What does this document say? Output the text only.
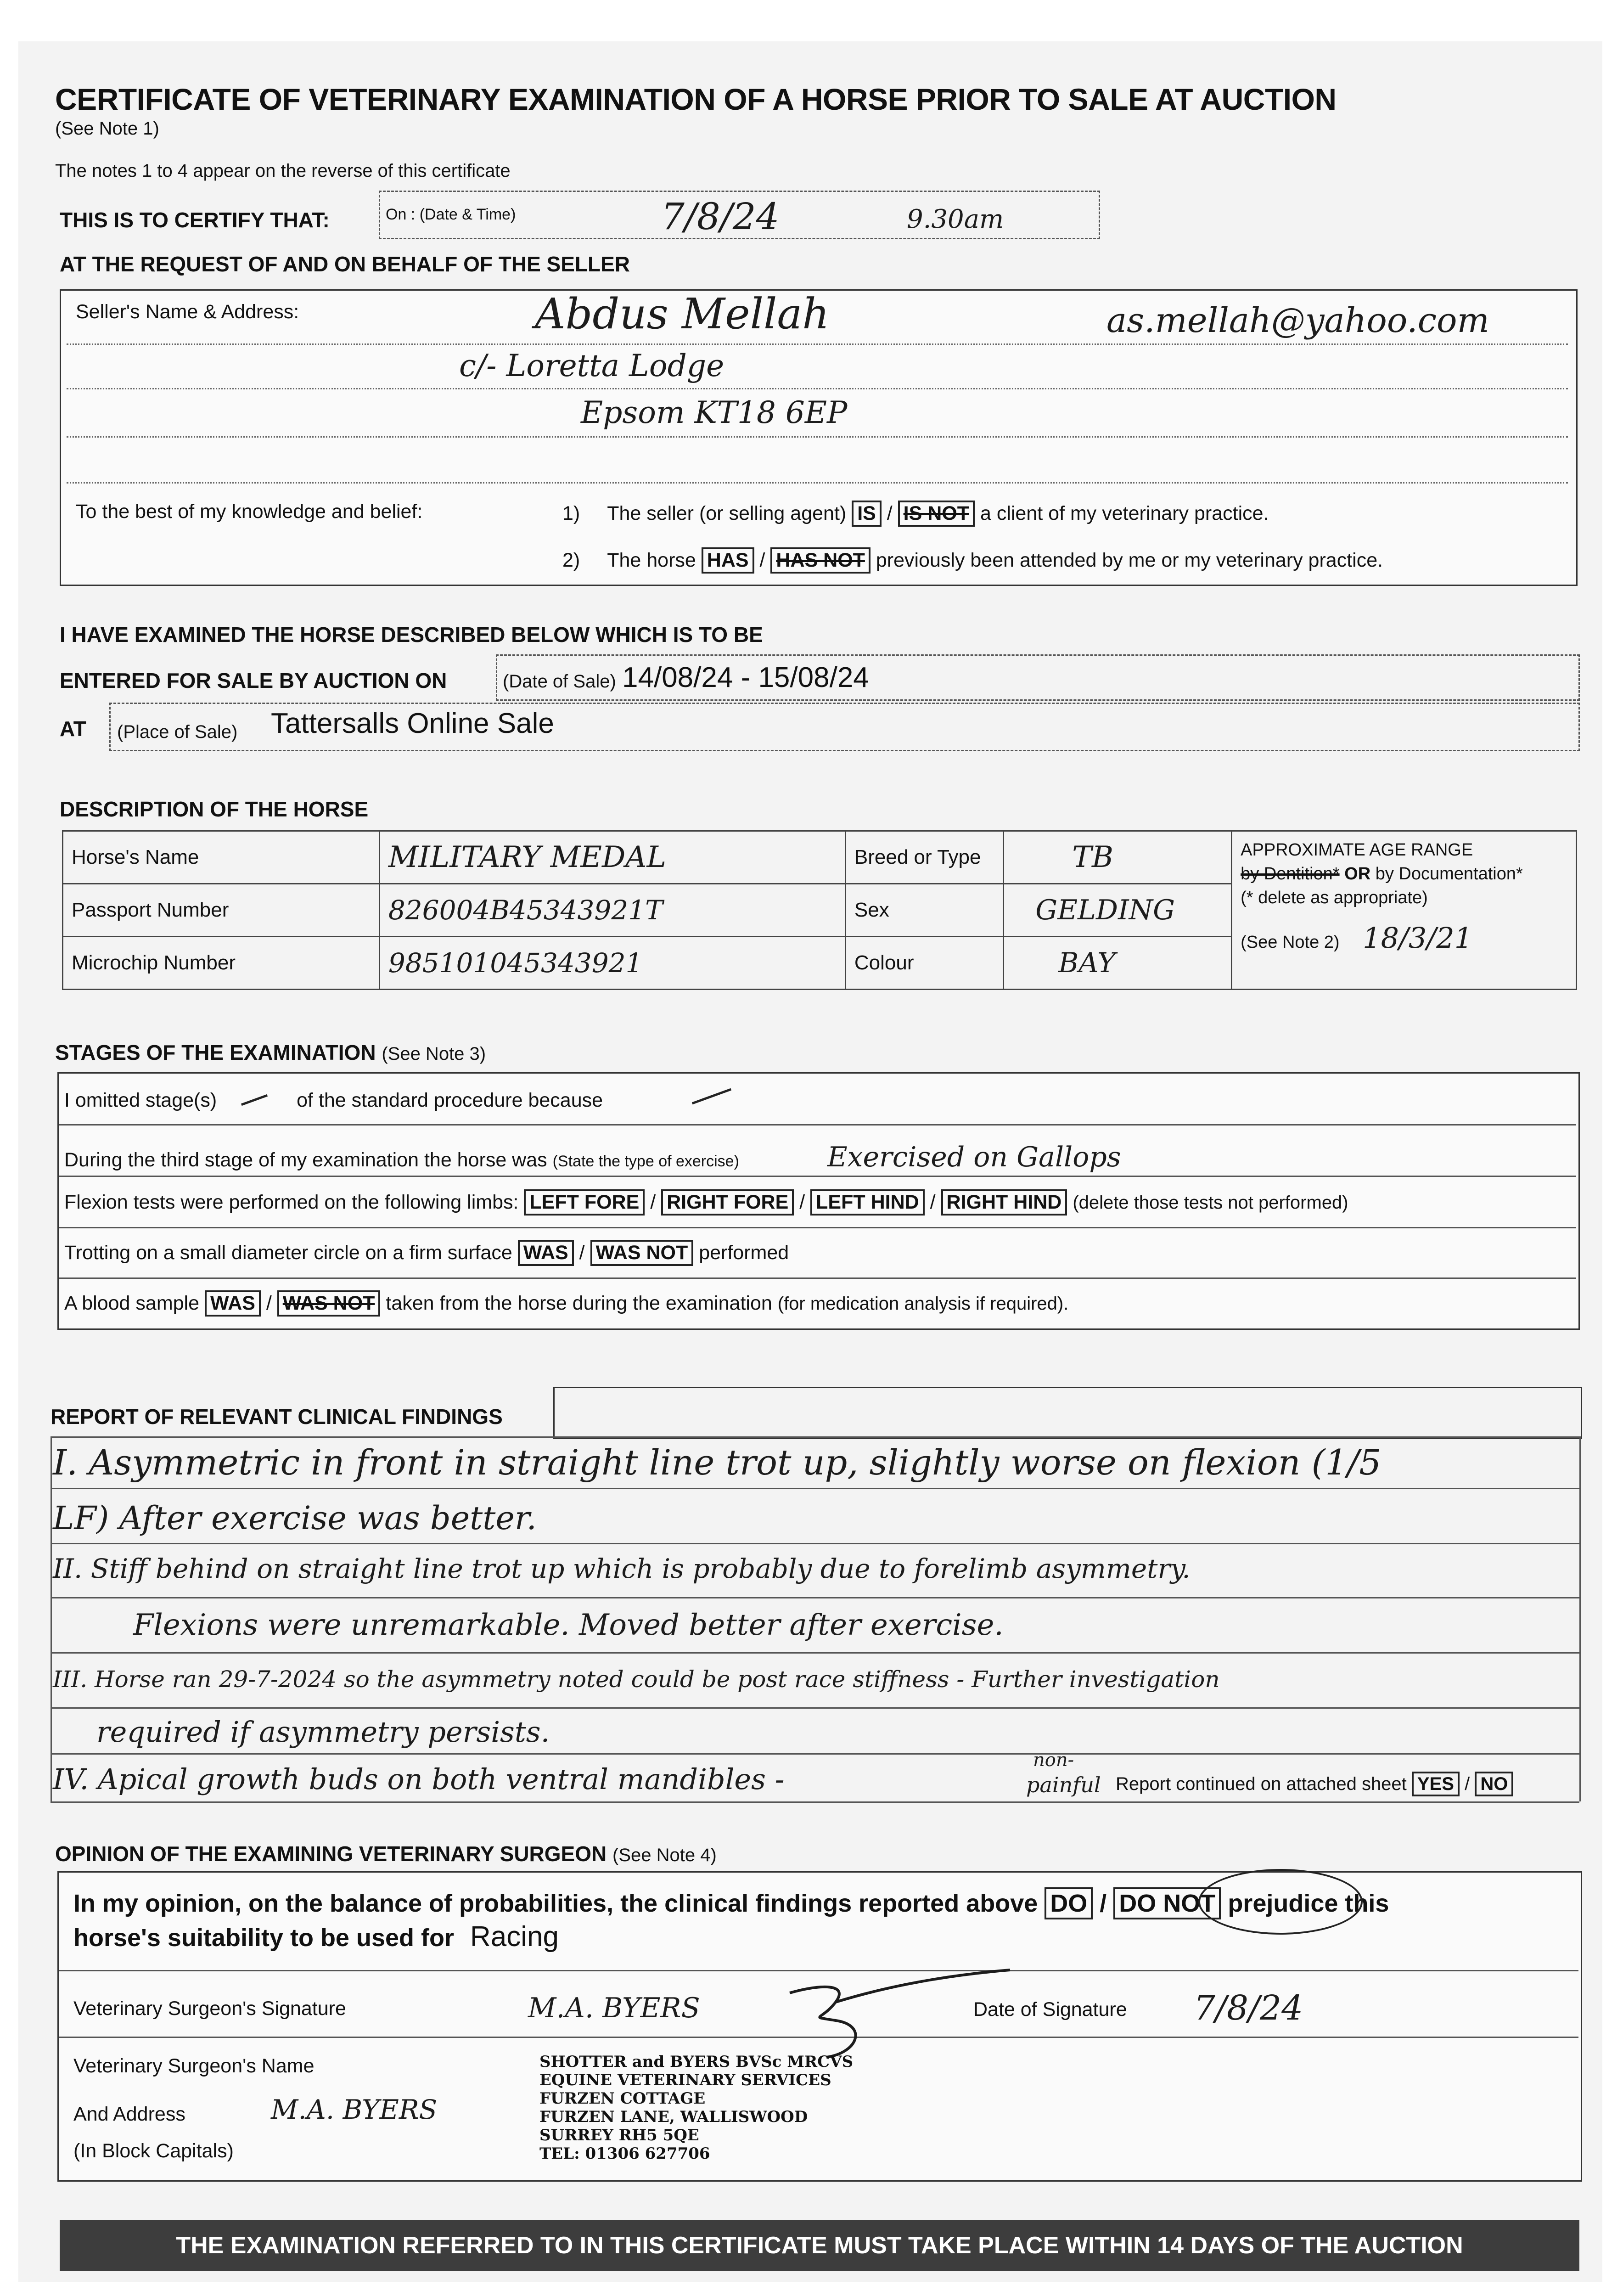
CERTIFICATE OF VETERINARY EXAMINATION OF A HORSE PRIOR TO SALE AT AUCTION
(See Note 1)
The notes 1 to 4 appear on the reverse of this certificate
THIS IS TO CERTIFY THAT:	On : (Date & Time)	7/8/24	9.30am
AT THE REQUEST OF AND ON BEHALF OF THE SELLER
Seller's Name & Address:	Abdus Mellah	as.mellah@yahoo.com
c/- Loretta Lodge
Epsom KT18 6EP
To the best of my knowledge and belief:	1) The seller (or selling agent) IS / IS NOT a client of my veterinary practice.
2) The horse HAS / HAS NOT previously been attended by me or my veterinary practice.
I HAVE EXAMINED THE HORSE DESCRIBED BELOW WHICH IS TO BE
ENTERED FOR SALE BY AUCTION ON	(Date of Sale) 14/08/24 - 15/08/24
AT (Place of Sale) Tattersalls Online Sale
DESCRIPTION OF THE HORSE
Horse's Name	MILITARY MEDAL	Breed or Type	TB	APPROXIMATE AGE RANGE
by Dentition* OR by Documentation*
(* delete as appropriate)
(See Note 2) 18/3/21

Passport Number	826004B45343921T	Sex	GELDING	
Microchip Number	985101045343921	Colour	BAY	
STAGES OF THE EXAMINATION (See Note 3)
I omitted stage(s)	of the standard procedure because
During the third stage of my examination the horse was (State the type of exercise)	Exercised on Gallops
Flexion tests were performed on the following limbs: LEFT FORE / RIGHT FORE / LEFT HIND / RIGHT HIND (delete those tests not performed)
Trotting on a small diameter circle on a firm surface WAS / WAS NOT performed
A blood sample WAS / WAS NOT taken from the horse during the examination (for medication analysis if required).
REPORT OF RELEVANT CLINICAL FINDINGS
I. Asymmetric in front in straight line trot up, slightly worse on flexion (1/5
LF) After exercise was better.
II. Stiff behind on straight line trot up which is probably due to forelimb asymmetry.
Flexions were unremarkable. Moved better after exercise.
III. Horse ran 29-7-2024 so the asymmetry noted could be post race stiffness - Further investigation
required if asymmetry persists.
IV. Apical growth buds on both ventral mandibles -
non-
painful Report continued on attached sheet YES / NO
OPINION OF THE EXAMINING VETERINARY SURGEON (See Note 4)
In my opinion, on the balance of probabilities, the clinical findings reported above DO / DO NOT prejudice this
horse's suitability to be used for Racing
Veterinary Surgeon's Signature	M.A. BYERS	Date of Signature 7/8/24
Veterinary Surgeon's Name
And Address
(In Block Capitals)
M.A. BYERS
SHOTTER and BYERS BVSc MRCVS
EQUINE VETERINARY SERVICES
FURZEN COTTAGE
FURZEN LANE, WALLISWOOD
SURREY RH5 5QE
TEL: 01306 627706
THE EXAMINATION REFERRED TO IN THIS CERTIFICATE MUST TAKE PLACE WITHIN 14 DAYS OF THE AUCTION
